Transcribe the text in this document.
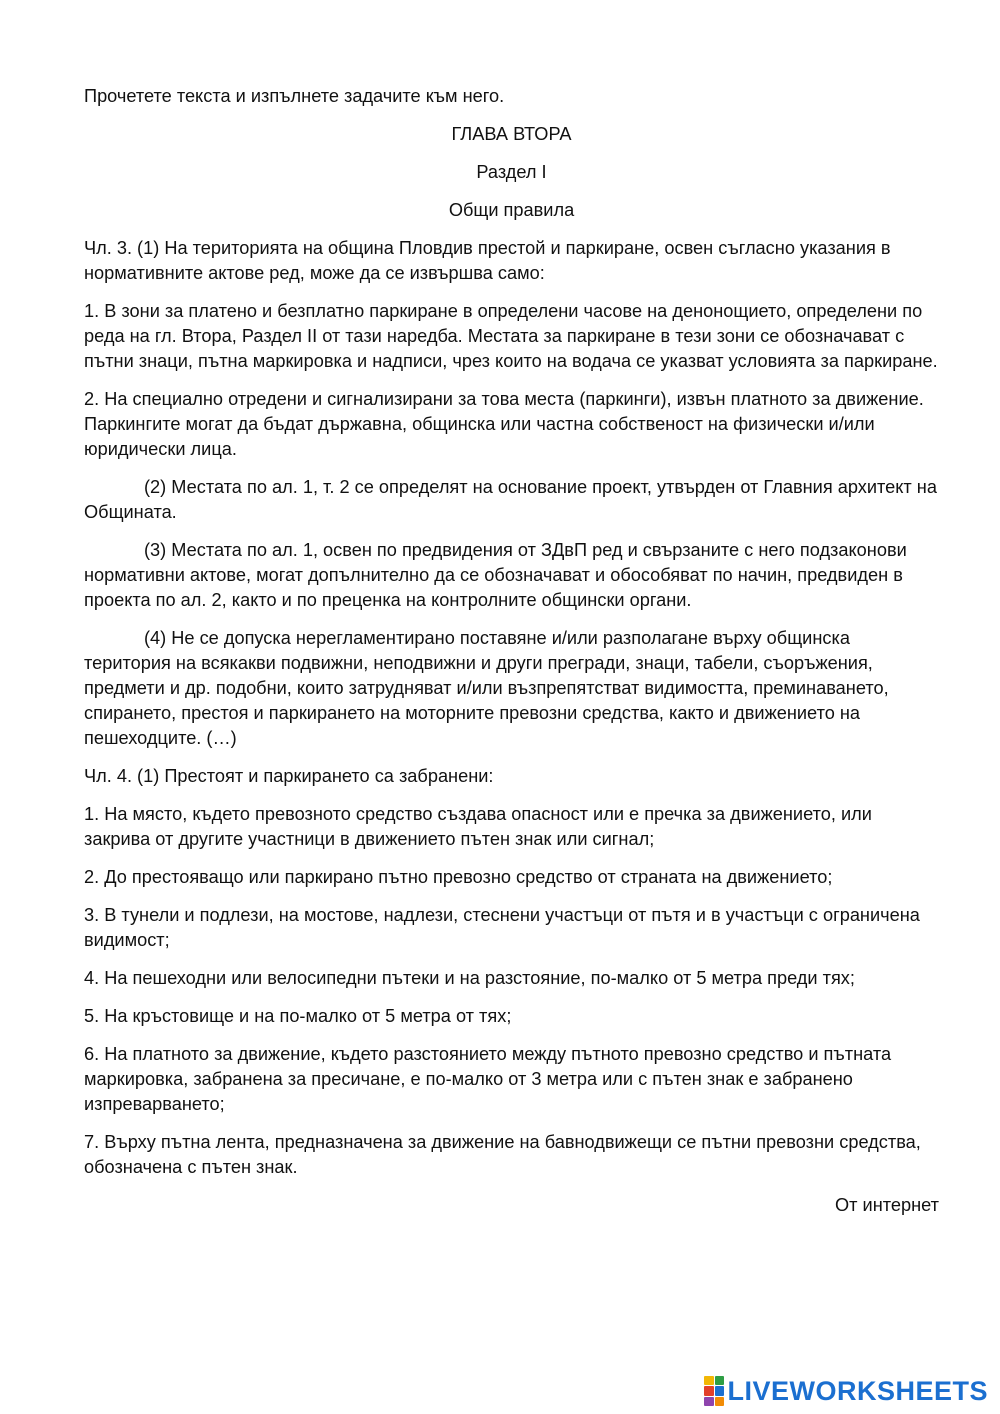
Прочетете текста и изпълнете задачите към него.

ГЛАВА ВТОРА

Раздел I

Общи правила

Чл. 3. (1) На територията на община Пловдив престой и паркиране, освен съгласно указания в нормативните актове ред, може да се извършва само:

1. В зони за платено и безплатно паркиране в определени часове на денонощието, определени по реда на гл. Втора, Раздел II от тази наредба. Местата за паркиране в тези зони се обозначават с пътни знаци, пътна маркировка и надписи, чрез които на водача се указват условията за паркиране.

2. На специално отредени и сигнализирани за това места (паркинги), извън платното за движение. Паркингите могат да бъдат държавна, общинска или частна собственост на физически и/или юридически лица.

(2) Местата по ал. 1, т. 2 се определят на основание проект, утвърден от Главния архитект на Общината.

(3) Местата по ал. 1, освен по предвидения от ЗДвП ред и свързаните с него подзаконови нормативни актове, могат допълнително да се обозначават и обособяват по начин, предвиден в проекта по ал. 2, както и по преценка на контролните общински органи.

(4) Не се допуска нерегламентирано поставяне и/или разполагане върху общинска територия на всякакви подвижни, неподвижни и други прегради, знаци, табели, съоръжения, предмети и др. подобни, които затрудняват и/или възпрепятстват видимостта, преминаването, спирането, престоя и паркирането на моторните превозни средства, както и движението на пешеходците. (…)

Чл. 4. (1) Престоят и паркирането са забранени:

1. На място, където превозното средство създава опасност или е пречка за движението, или закрива от другите участници в движението пътен знак или сигнал;

2. До престояващо или паркирано пътно превозно средство от страната на движението;

3. В тунели и подлези, на мостове, надлези, стеснени участъци от пътя и в участъци с ограничена видимост;

4. На пешеходни или велосипедни пътеки и на разстояние, по-малко от 5 метра преди тях;

5. На кръстовище и на по-малко от 5 метра от тях;

6. На платното за движение, където разстоянието между пътното превозно средство и пътната маркировка, забранена за пресичане, е по-малко от 3 метра или с пътен знак е забранено изпреварването;

7. Върху пътна лента, предназначена за движение на бавнодвижещи се пътни превозни средства, обозначена с пътен знак.

От интернет

LIVEWORKSHEETS
